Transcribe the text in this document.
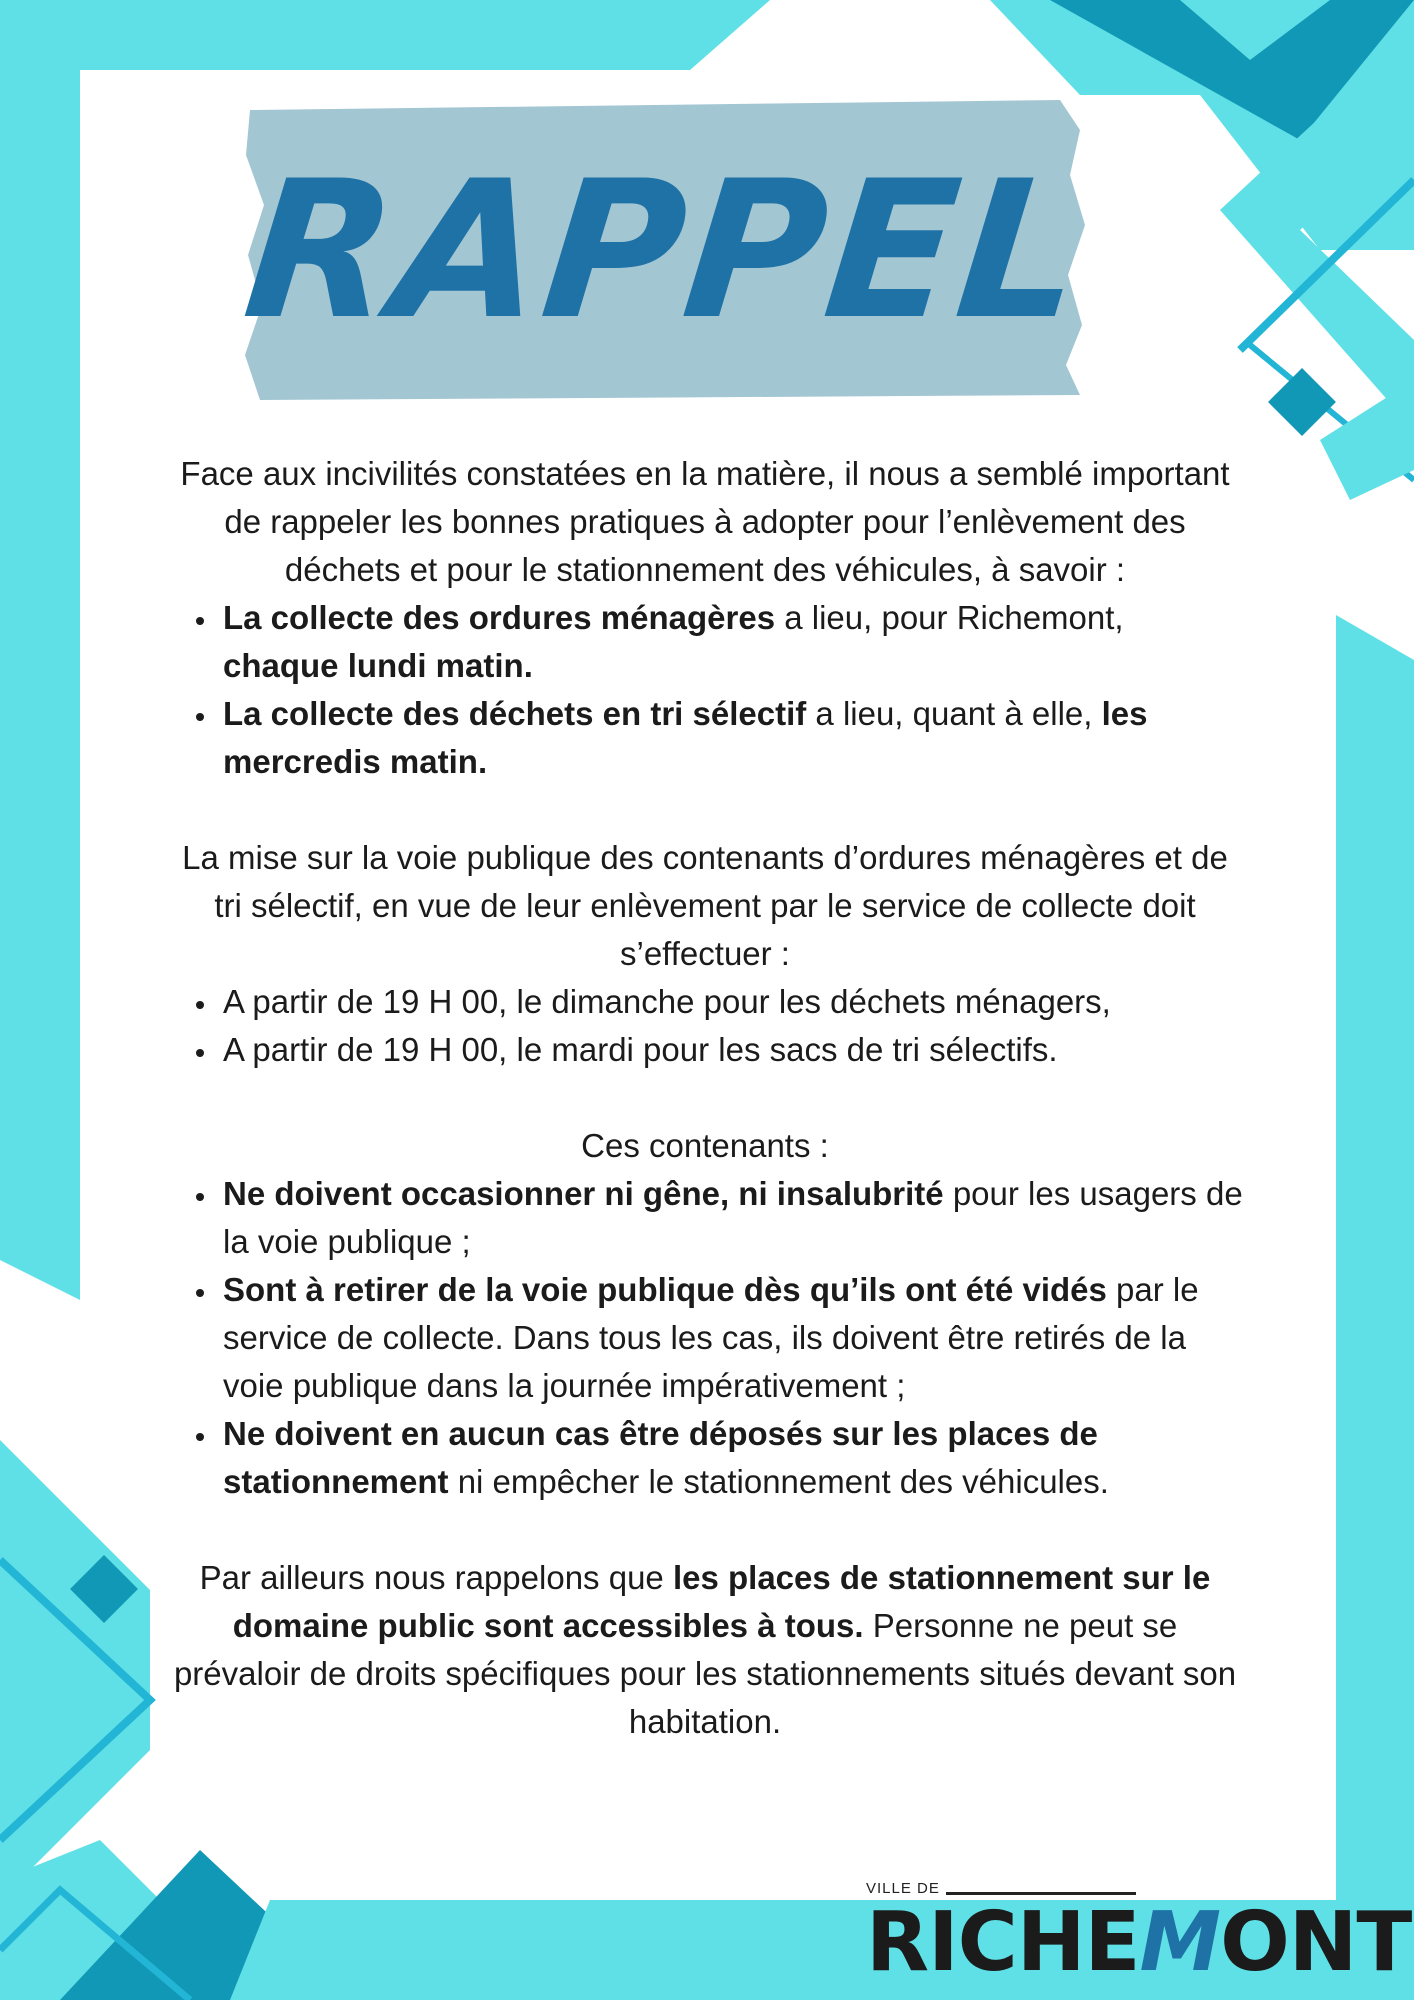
RAPPEL

Face aux incivilités constatées en la matière, il nous a semblé important de rappeler les bonnes pratiques à adopter pour l’enlèvement des déchets et pour le stationnement des véhicules, à savoir :

• La collecte des ordures ménagères a lieu, pour Richemont, chaque lundi matin.
• La collecte des déchets en tri sélectif a lieu, quant à elle, les mercredis matin.

La mise sur la voie publique des contenants d’ordures ménagères et de tri sélectif, en vue de leur enlèvement par le service de collecte doit s’effectuer :

• A partir de 19 H 00, le dimanche pour les déchets ménagers,
• A partir de 19 H 00, le mardi pour les sacs de tri sélectifs.

Ces contenants :

• Ne doivent occasionner ni gêne, ni insalubrité pour les usagers de la voie publique ;
• Sont à retirer de la voie publique dès qu’ils ont été vidés par le service de collecte. Dans tous les cas, ils doivent être retirés de la voie publique dans la journée impérativement ;
• Ne doivent en aucun cas être déposés sur les places de stationnement ni empêcher le stationnement des véhicules.

Par ailleurs nous rappelons que les places de stationnement sur le domaine public sont accessibles à tous. Personne ne peut se prévaloir de droits spécifiques pour les stationnements situés devant son habitation.

VILLE DE
RICHEMONT
